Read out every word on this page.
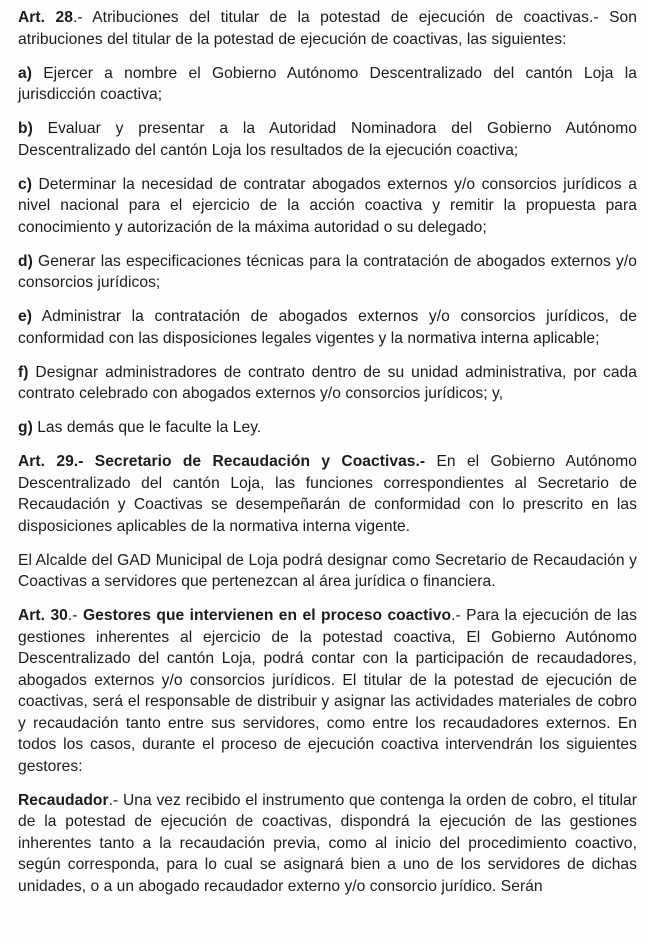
Art. 28.- Atribuciones del titular de la potestad de ejecución de coactivas.- Son atribuciones del titular de la potestad de ejecución de coactivas, las siguientes:

a) Ejercer a nombre el Gobierno Autónomo Descentralizado del cantón Loja la jurisdicción coactiva;

b) Evaluar y presentar a la Autoridad Nominadora del Gobierno Autónomo Descentralizado del cantón Loja los resultados de la ejecución coactiva;

c) Determinar la necesidad de contratar abogados externos y/o consorcios jurídicos a nivel nacional para el ejercicio de la acción coactiva y remitir la propuesta para conocimiento y autorización de la máxima autoridad o su delegado;

d) Generar las especificaciones técnicas para la contratación de abogados externos y/o consorcios jurídicos;

e) Administrar la contratación de abogados externos y/o consorcios jurídicos, de conformidad con las disposiciones legales vigentes y la normativa interna aplicable;

f) Designar administradores de contrato dentro de su unidad administrativa, por cada contrato celebrado con abogados externos y/o consorcios jurídicos; y,

g) Las demás que le faculte la Ley.

Art. 29.- Secretario de Recaudación y Coactivas.- En el Gobierno Autónomo Descentralizado del cantón Loja, las funciones correspondientes al Secretario de Recaudación y Coactivas se desempeñarán de conformidad con lo prescrito en las disposiciones aplicables de la normativa interna vigente.

El Alcalde del GAD Municipal de Loja podrá designar como Secretario de Recaudación y Coactivas a servidores que pertenezcan al área jurídica o financiera.

Art. 30.- Gestores que intervienen en el proceso coactivo.- Para la ejecución de las gestiones inherentes al ejercicio de la potestad coactiva, El Gobierno Autónomo Descentralizado del cantón Loja, podrá contar con la participación de recaudadores, abogados externos y/o consorcios jurídicos. El titular de la potestad de ejecución de coactivas, será el responsable de distribuir y asignar las actividades materiales de cobro y recaudación tanto entre sus servidores, como entre los recaudadores externos. En todos los casos, durante el proceso de ejecución coactiva intervendrán los siguientes gestores:

Recaudador.- Una vez recibido el instrumento que contenga la orden de cobro, el titular de la potestad de ejecución de coactivas, dispondrá la ejecución de las gestiones inherentes tanto a la recaudación previa, como al inicio del procedimiento coactivo, según corresponda, para lo cual se asignará bien a uno de los servidores de dichas unidades, o a un abogado recaudador externo y/o consorcio jurídico. Serán
